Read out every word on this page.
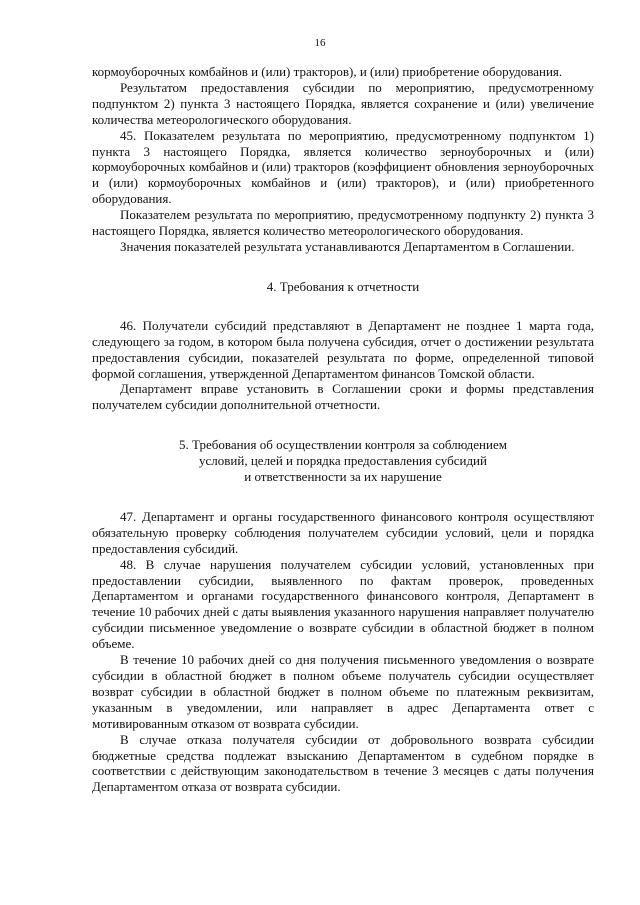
16

кормоуборочных комбайнов и (или) тракторов), и (или) приобретение оборудования.

Результатом предоставления субсидии по мероприятию, предусмотренному подпунктом 2) пункта 3 настоящего Порядка, является сохранение и (или) увеличение количества метеорологического оборудования.

45. Показателем результата по мероприятию, предусмотренному подпунктом 1) пункта 3 настоящего Порядка, является количество зерноуборочных и (или) кормоуборочных комбайнов и (или) тракторов (коэффициент обновления зерноуборочных и (или) кормоуборочных комбайнов и (или) тракторов), и (или) приобретенного оборудования.

Показателем результата по мероприятию, предусмотренному подпункту 2) пункта 3 настоящего Порядка, является количество метеорологического оборудования.

Значения показателей результата устанавливаются Департаментом в Соглашении.

4. Требования к отчетности

46. Получатели субсидий представляют в Департамент не позднее 1 марта года, следующего за годом, в котором была получена субсидия, отчет о достижении результата предоставления субсидии, показателей результата по форме, определенной типовой формой соглашения, утвержденной Департаментом финансов Томской области.

Департамент вправе установить в Соглашении сроки и формы представления получателем субсидии дополнительной отчетности.

5. Требования об осуществлении контроля за соблюдением
условий, целей и порядка предоставления субсидий
и ответственности за их нарушение

47. Департамент и органы государственного финансового контроля осуществляют обязательную проверку соблюдения получателем субсидии условий, цели и порядка предоставления субсидий.

48. В случае нарушения получателем субсидии условий, установленных при предоставлении субсидии, выявленного по фактам проверок, проведенных Департаментом и органами государственного финансового контроля, Департамент в течение 10 рабочих дней с даты выявления указанного нарушения направляет получателю субсидии письменное уведомление о возврате субсидии в областной бюджет в полном объеме.

В течение 10 рабочих дней со дня получения письменного уведомления о возврате субсидии в областной бюджет в полном объеме получатель субсидии осуществляет возврат субсидии в областной бюджет в полном объеме по платежным реквизитам, указанным в уведомлении, или направляет в адрес Департамента ответ с мотивированным отказом от возврата субсидии.

В случае отказа получателя субсидии от добровольного возврата субсидии бюджетные средства подлежат взысканию Департаментом в судебном порядке в соответствии с действующим законодательством в течение 3 месяцев с даты получения Департаментом отказа от возврата субсидии.
